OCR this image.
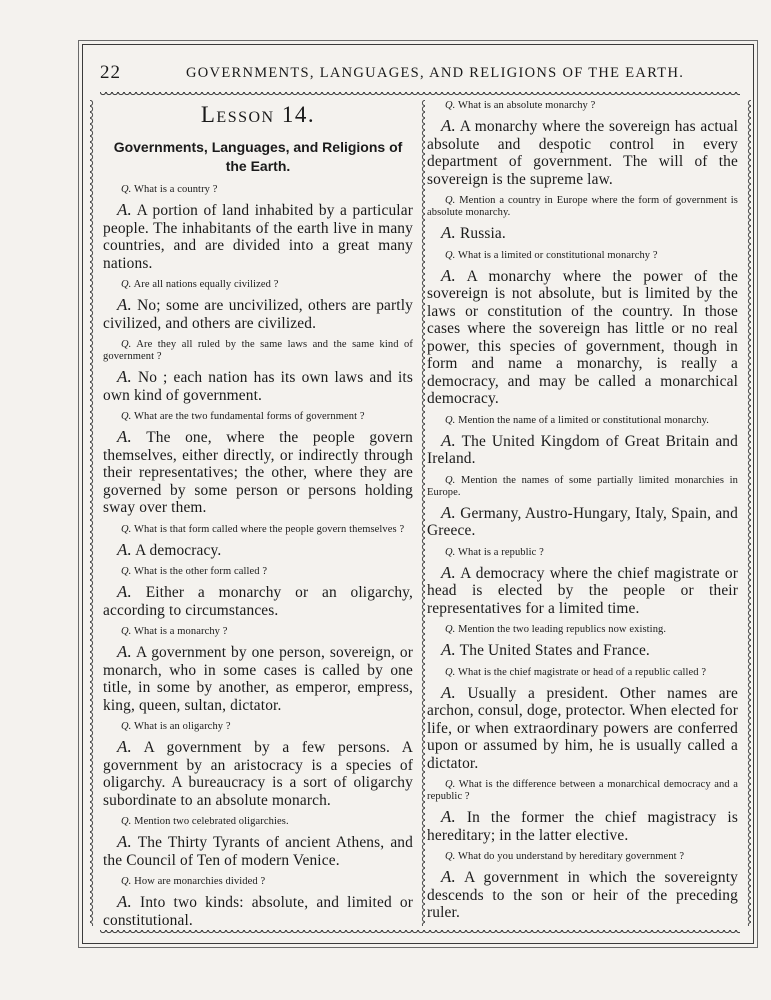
22	GOVERNMENTS, LANGUAGES, AND RELIGIONS OF THE EARTH.
Lesson 14.
Governments, Languages, and Religions of the Earth.

Q. What is a country ?

A. A portion of land inhabited by a particular people. The inhabitants of the earth live in many countries, and are divided into a great many nations.

Q. Are all nations equally civilized ?

A. No; some are uncivilized, others are partly civilized, and others are civilized.

Q. Are they all ruled by the same laws and the same kind of government ?

A. No ; each nation has its own laws and its own kind of government.

Q. What are the two fundamental forms of government ?

A. The one, where the people govern themselves, either directly, or indirectly through their representatives; the other, where they are governed by some person or persons holding sway over them.

Q. What is that form called where the people govern themselves ?

A. A democracy.

Q. What is the other form called ?

A. Either a monarchy or an oligarchy, according to circumstances.

Q. What is a monarchy ?

A. A government by one person, sovereign, or monarch, who in some cases is called by one title, in some by another, as emperor, empress, king, queen, sultan, dictator.

Q. What is an oligarchy ?

A. A government by a few persons. A government by an aristocracy is a species of oligarchy. A bureaucracy is a sort of oligarchy subordinate to an absolute monarch.

Q. Mention two celebrated oligarchies.

A. The Thirty Tyrants of ancient Athens, and the Council of Ten of modern Venice.

Q. How are monarchies divided ?

A. Into two kinds: absolute, and limited or constitutional.

Q. What is an absolute monarchy ?

A. A monarchy where the sovereign has actual absolute and despotic control in every department of government. The will of the sovereign is the supreme law.

Q. Mention a country in Europe where the form of government is absolute monarchy.

A. Russia.

Q. What is a limited or constitutional monarchy ?

A. A monarchy where the power of the sovereign is not absolute, but is limited by the laws or constitution of the country. In those cases where the sovereign has little or no real power, this species of government, though in form and name a monarchy, is really a democracy, and may be called a monarchical democracy.

Q. Mention the name of a limited or constitutional monarchy.

A. The United Kingdom of Great Britain and Ireland.

Q. Mention the names of some partially limited monarchies in Europe.

A. Germany, Austro-Hungary, Italy, Spain, and Greece.

Q. What is a republic ?

A. A democracy where the chief magistrate or head is elected by the people or their representatives for a limited time.

Q. Mention the two leading republics now existing.

A. The United States and France.

Q. What is the chief magistrate or head of a republic called ?

A. Usually a president. Other names are archon, consul, doge, protector. When elected for life, or when extraordinary powers are conferred upon or assumed by him, he is usually called a dictator.

Q. What is the difference between a monarchical democracy and a republic ?

A. In the former the chief magistracy is hereditary; in the latter elective.

Q. What do you understand by hereditary government ?

A. A government in which the sovereignty descends to the son or heir of the preceding ruler.
